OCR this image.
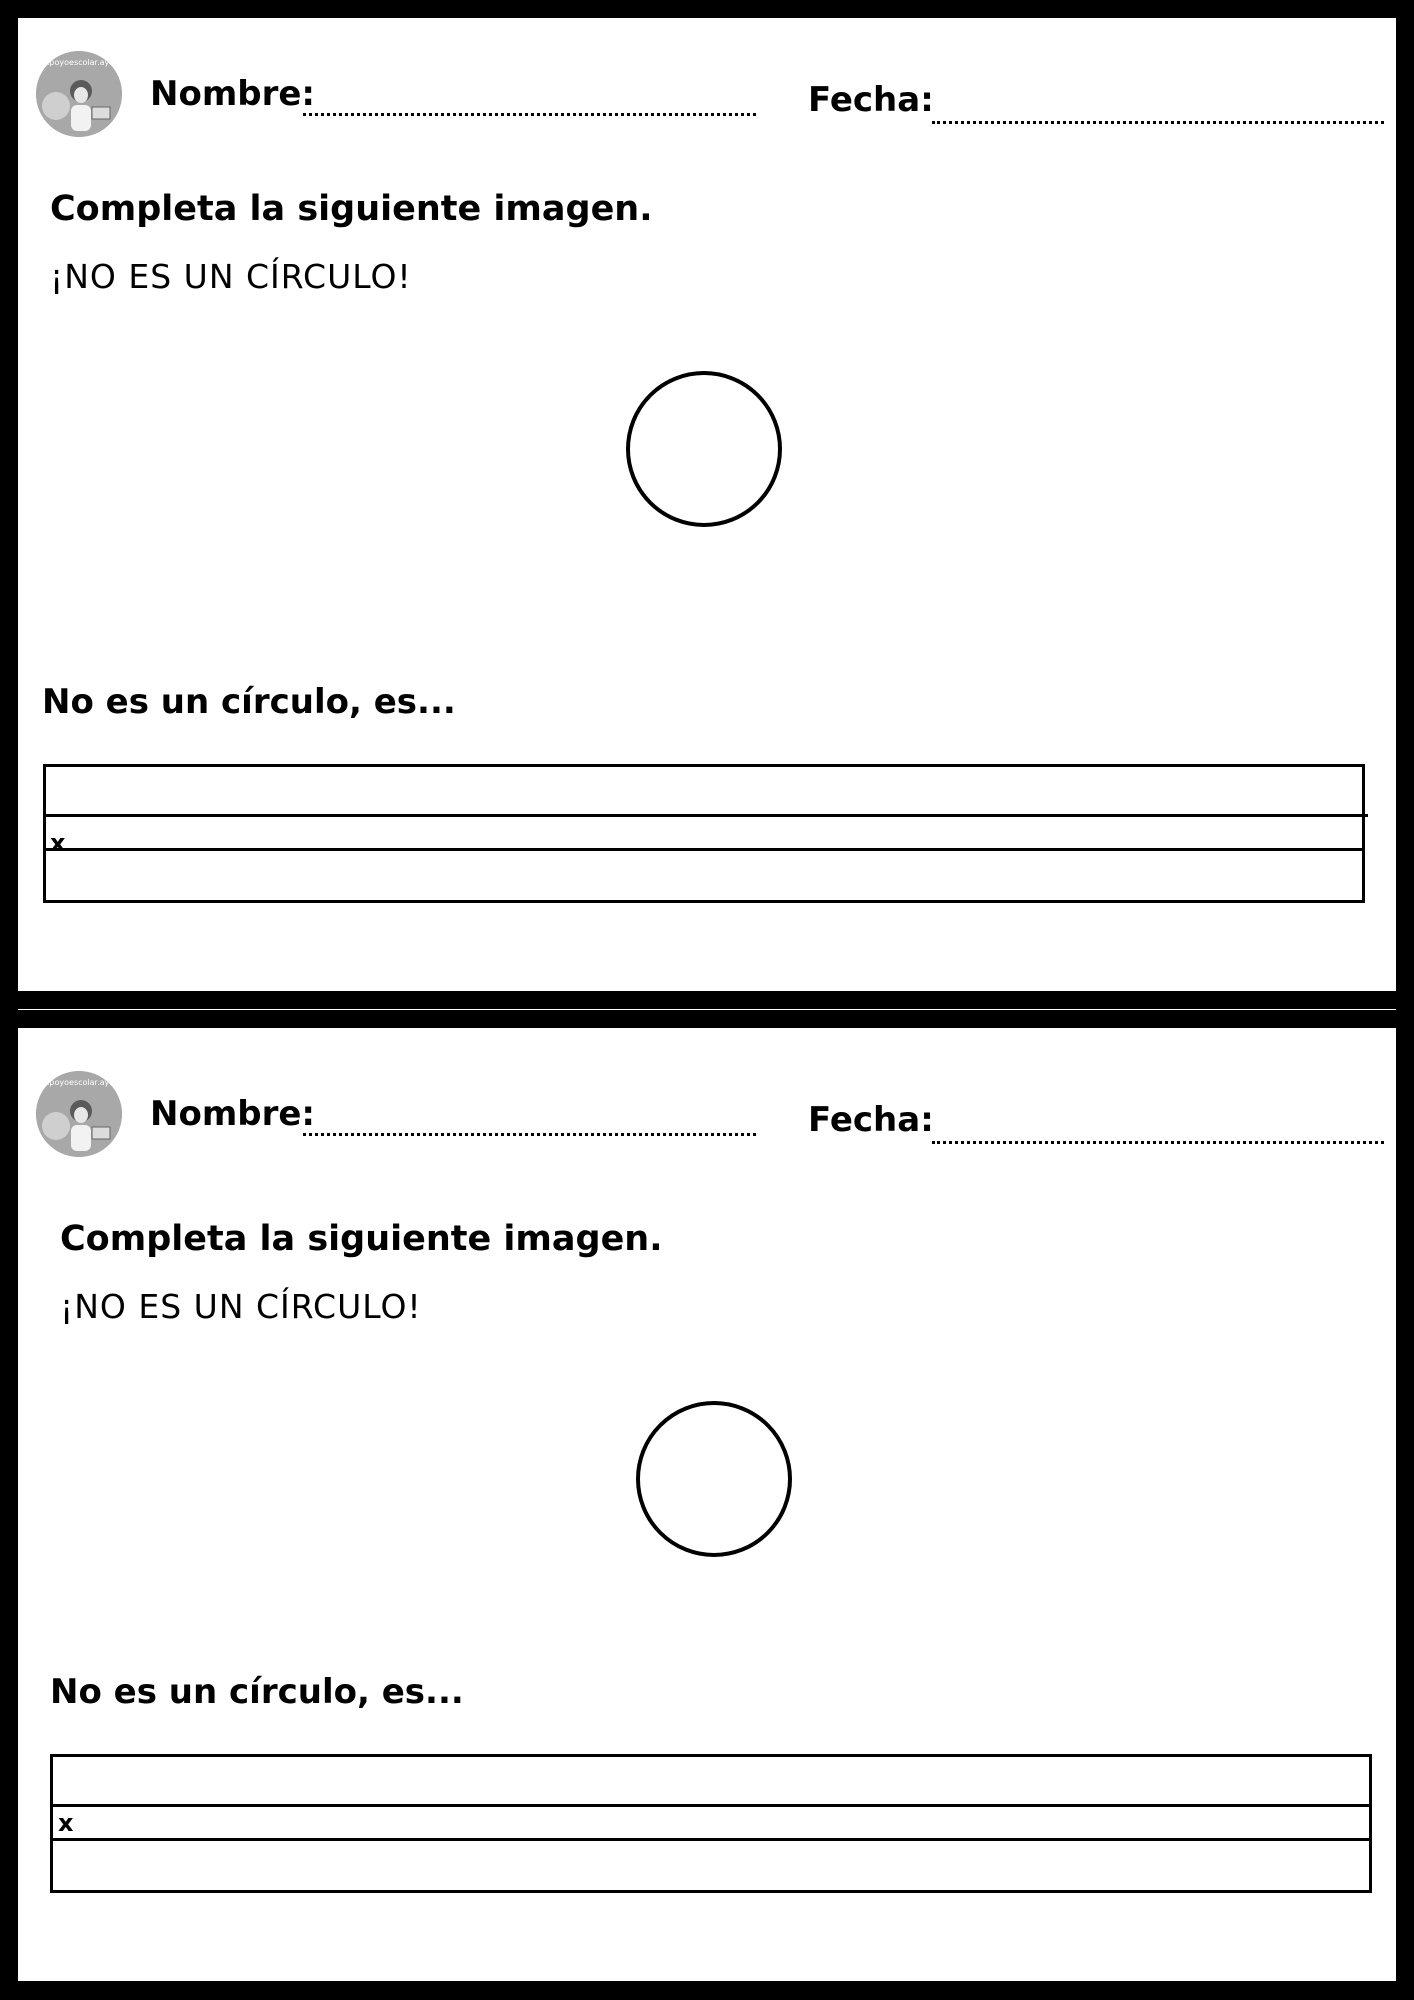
@apoyoescolar.aylen
Nombre:	Fecha:
Completa la siguiente imagen.
¡NO ES UN CÍRCULO!
No es un círculo, es...
x
@apoyoescolar.aylen
Nombre:	Fecha:
Completa la siguiente imagen.
¡NO ES UN CÍRCULO!
No es un círculo, es...
x
